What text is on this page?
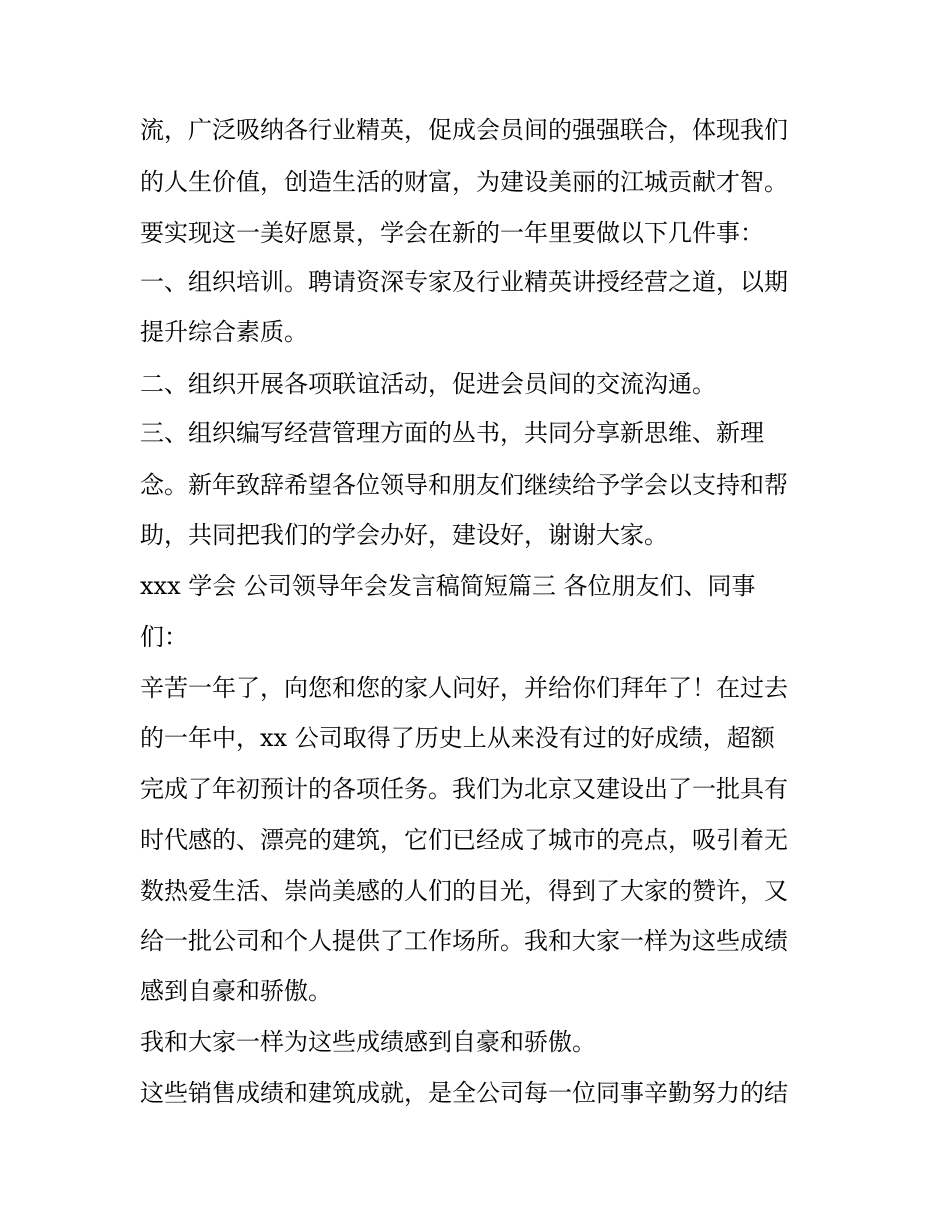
流，广泛吸纳各行业精英，促成会员间的强强联合，体现我们

的人生价值，创造生活的财富，为建设美丽的江城贡献才智。

要实现这一美好愿景，学会在新的一年里要做以下几件事：

一、组织培训。聘请资深专家及行业精英讲授经营之道，以期

提升综合素质。

二、组织开展各项联谊活动，促进会员间的交流沟通。

三、组织编写经营管理方面的丛书，共同分享新思维、新理

念。新年致辞希望各位领导和朋友们继续给予学会以支持和帮

助，共同把我们的学会办好，建设好，谢谢大家。

xxx 学会 公司领导年会发言稿简短篇三 各位朋友们、同事

们：

辛苦一年了，向您和您的家人问好，并给你们拜年了！在过去

的一年中，xx 公司取得了历史上从来没有过的好成绩，超额

完成了年初预计的各项任务。我们为北京又建设出了一批具有

时代感的、漂亮的建筑，它们已经成了城市的亮点，吸引着无

数热爱生活、崇尚美感的人们的目光，得到了大家的赞许，又

给一批公司和个人提供了工作场所。我和大家一样为这些成绩

感到自豪和骄傲。

我和大家一样为这些成绩感到自豪和骄傲。

这些销售成绩和建筑成就，是全公司每一位同事辛勤努力的结
